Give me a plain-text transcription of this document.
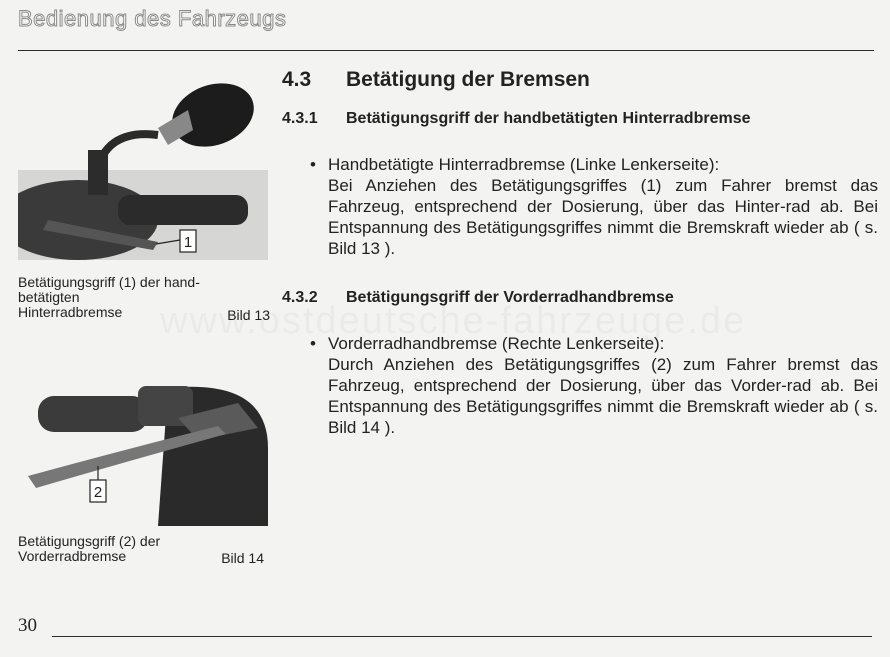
Bedienung des Fahrzeugs
1
Betätigungsgriff (1) der hand-
betätigten
Hinterradbremse	Bild 13
2
Betätigungsgriff (2) der
Vorderradbremse	Bild 14
4.3 Betätigung der Bremsen
4.3.1 Betätigungsgriff der handbetätigten Hinterradbremse
• Handbetätigte Hinterradbremse (Linke Lenkerseite):
Bei Anziehen des Betätigungsgriffes (1) zum Fahrer bremst das Fahrzeug, entsprechend der Dosierung, über das Hinter-rad ab. Bei Entspannung des Betätigungsgriffes nimmt die Bremskraft wieder ab ( s. Bild 13 ).
4.3.2 Betätigungsgriff der Vorderradhandbremse
• Vorderradhandbremse (Rechte Lenkerseite):
Durch Anziehen des Betätigungsgriffes (2) zum Fahrer bremst das Fahrzeug, entsprechend der Dosierung, über das Vorder-rad ab. Bei Entspannung des Betätigungsgriffes nimmt die Bremskraft wieder ab ( s. Bild 14 ).
30
